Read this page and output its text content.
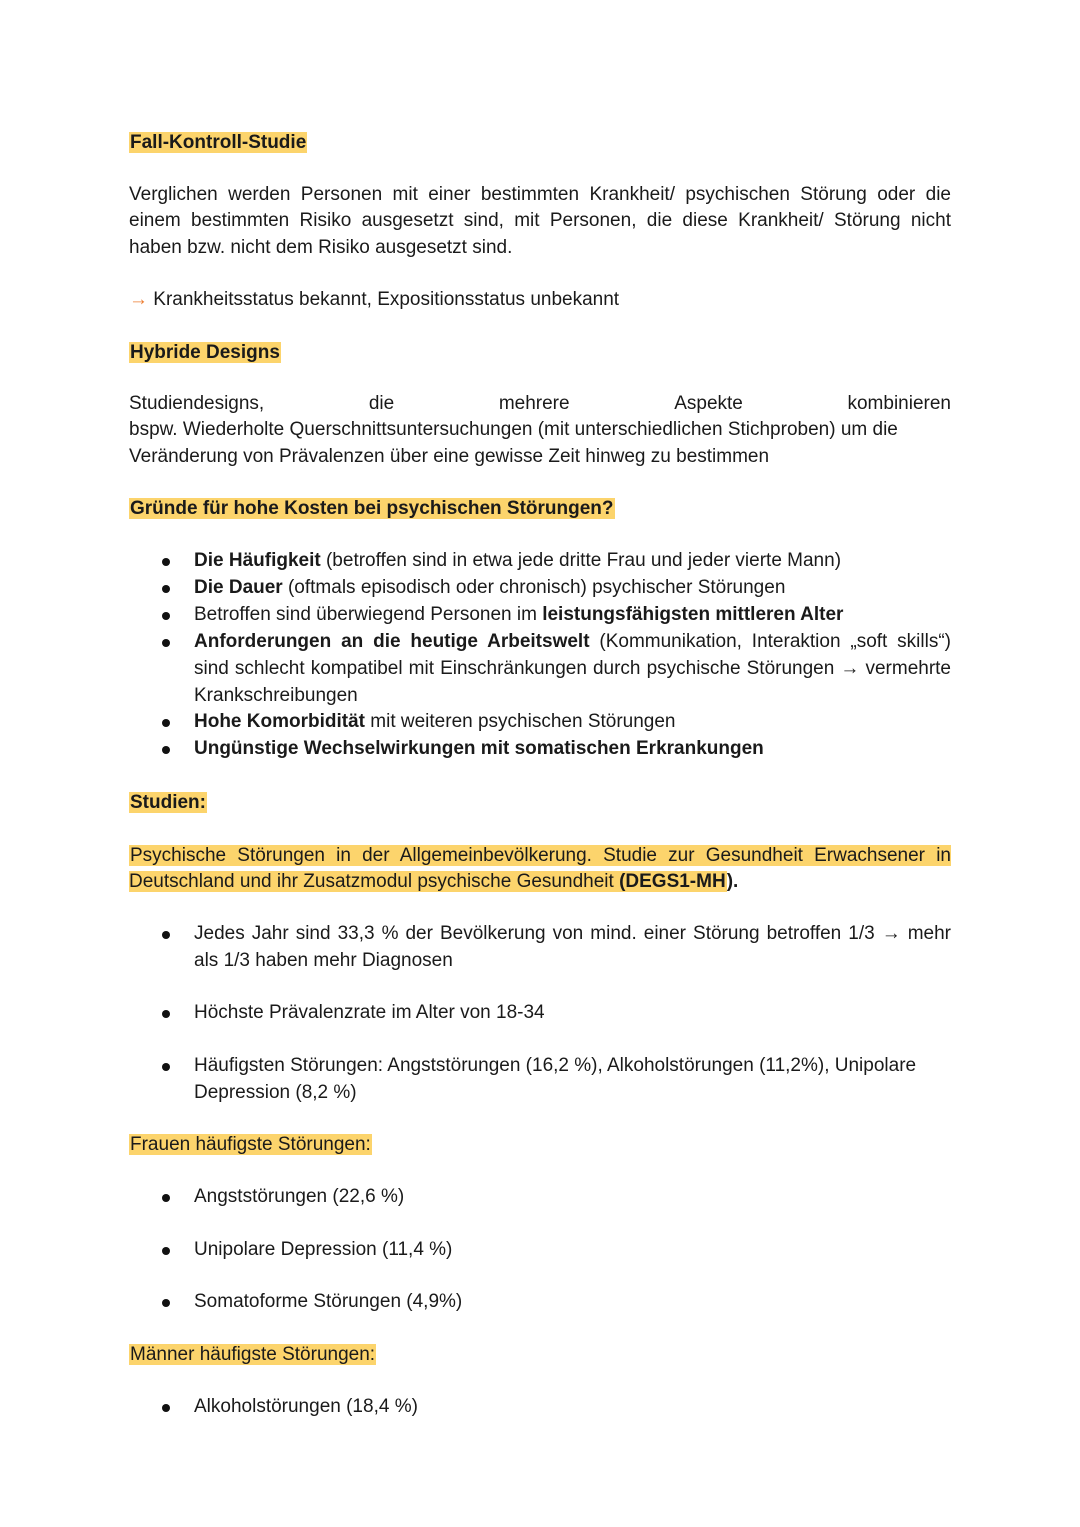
Fall-Kontroll-Studie
Verglichen werden Personen mit einer bestimmten Krankheit/ psychischen Störung oder die einem bestimmten Risiko ausgesetzt sind, mit Personen, die diese Krankheit/ Störung nicht haben bzw. nicht dem Risiko ausgesetzt sind.
→ Krankheitsstatus bekannt, Expositionsstatus unbekannt
Hybride Designs
Studiendesigns,	die	mehrere	Aspekte	kombinieren
bspw. Wiederholte Querschnittsuntersuchungen (mit unterschiedlichen Stichproben) um die Veränderung von Prävalenzen über eine gewisse Zeit hinweg zu bestimmen
Gründe für hohe Kosten bei psychischen Störungen?
Die Häufigkeit (betroffen sind in etwa jede dritte Frau und jeder vierte Mann)
Die Dauer (oftmals episodisch oder chronisch) psychischer Störungen
Betroffen sind überwiegend Personen im leistungsfähigsten mittleren Alter
Anforderungen an die heutige Arbeitswelt (Kommunikation, Interaktion „soft skills“) sind schlecht kompatibel mit Einschränkungen durch psychische Störungen → vermehrte Krankschreibungen
Hohe Komorbidität mit weiteren psychischen Störungen
Ungünstige Wechselwirkungen mit somatischen Erkrankungen
Studien:
Psychische Störungen in der Allgemeinbevölkerung. Studie zur Gesundheit Erwachsener in Deutschland und ihr Zusatzmodul psychische Gesundheit (DEGS1-MH).
Jedes Jahr sind 33,3 % der Bevölkerung von mind. einer Störung betroffen 1/3 → mehr als 1/3 haben mehr Diagnosen
Höchste Prävalenzrate im Alter von 18-34
Häufigsten Störungen: Angststörungen (16,2 %), Alkoholstörungen (11,2%), Unipolare Depression (8,2 %)
Frauen häufigste Störungen:
Angststörungen (22,6 %)
Unipolare Depression (11,4 %)
Somatoforme Störungen (4,9%)
Männer häufigste Störungen:
Alkoholstörungen (18,4 %)
